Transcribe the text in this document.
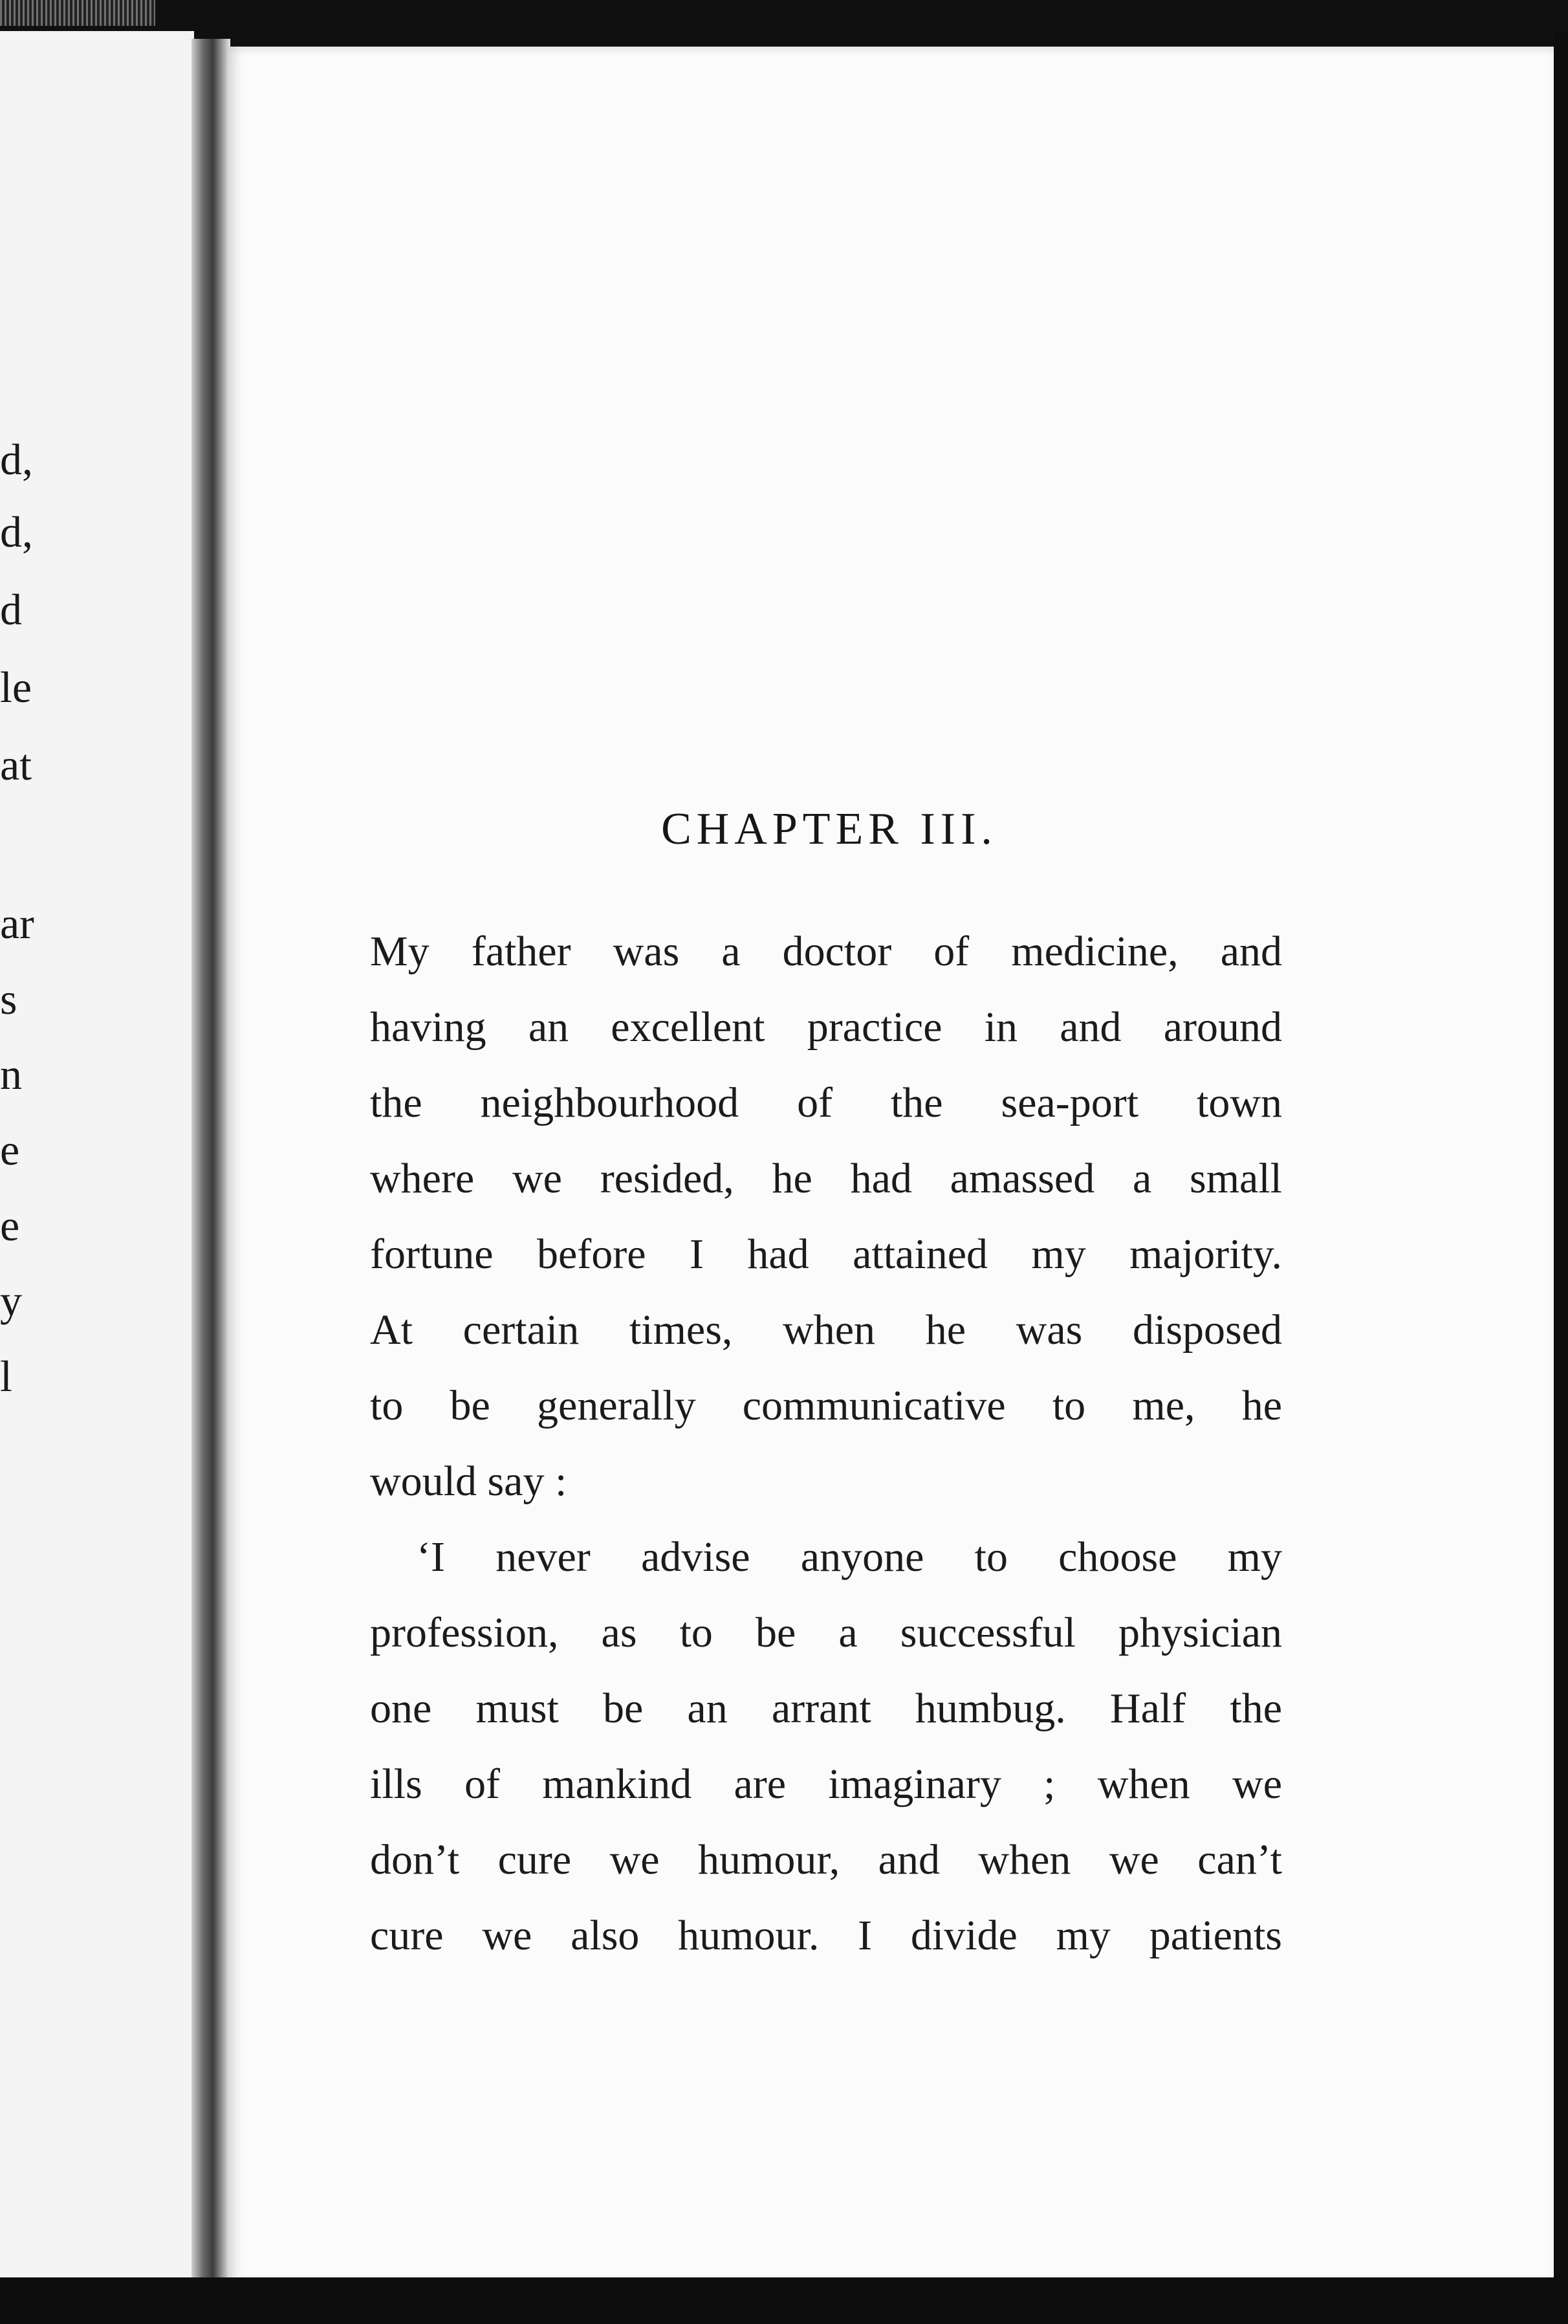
d,
d,
d
le
at
ar
s
n
e
e
y
l
CHAPTER III.
My father was a doctor of medicine, and
having an excellent practice in and around
the neighbourhood of the sea-port town
where we resided, he had amassed a small
fortune before I had attained my majority.
At certain times, when he was disposed
to be generally communicative to me, he
would say :
‘I never advise anyone to choose my
profession, as to be a successful physician
one must be an arrant humbug. Half the
ills of mankind are imaginary ; when we
don’t cure we humour, and when we can’t
cure we also humour. I divide my patients
